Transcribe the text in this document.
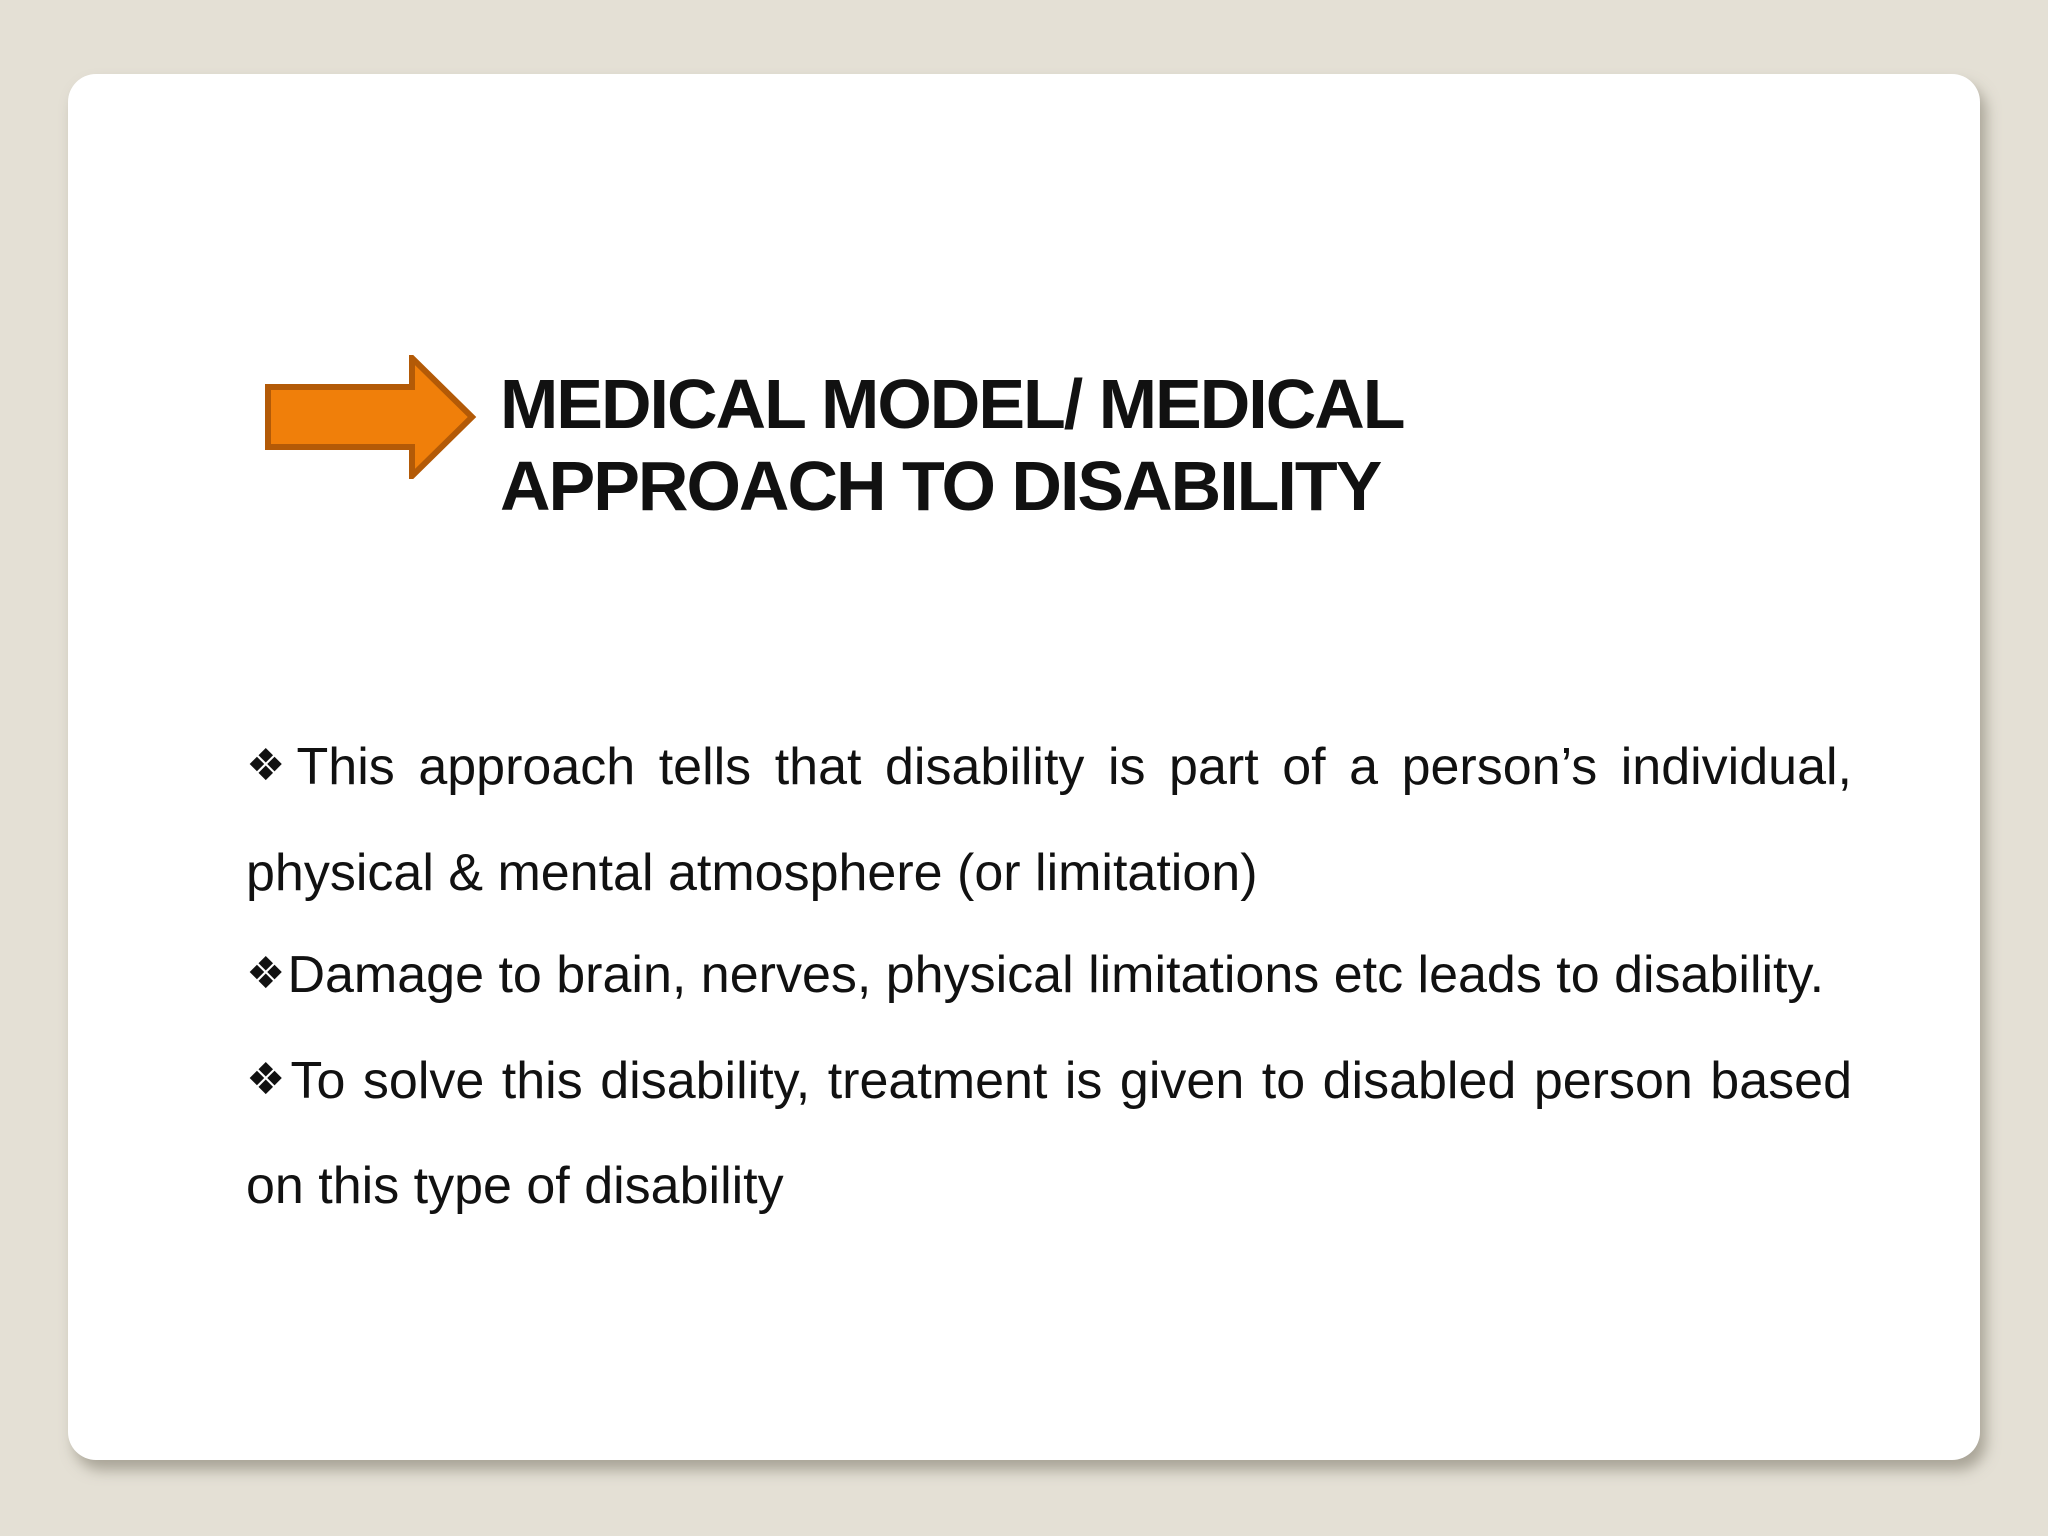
MEDICAL MODEL/ MEDICAL
APPROACH TO DISABILITY
❖This approach tells that disability is part of a person’s individual, physical & mental atmosphere (or limitation)
❖Damage to brain, nerves, physical limitations etc leads to disability.
❖To solve this disability, treatment is given to disabled person based on this type of disability
